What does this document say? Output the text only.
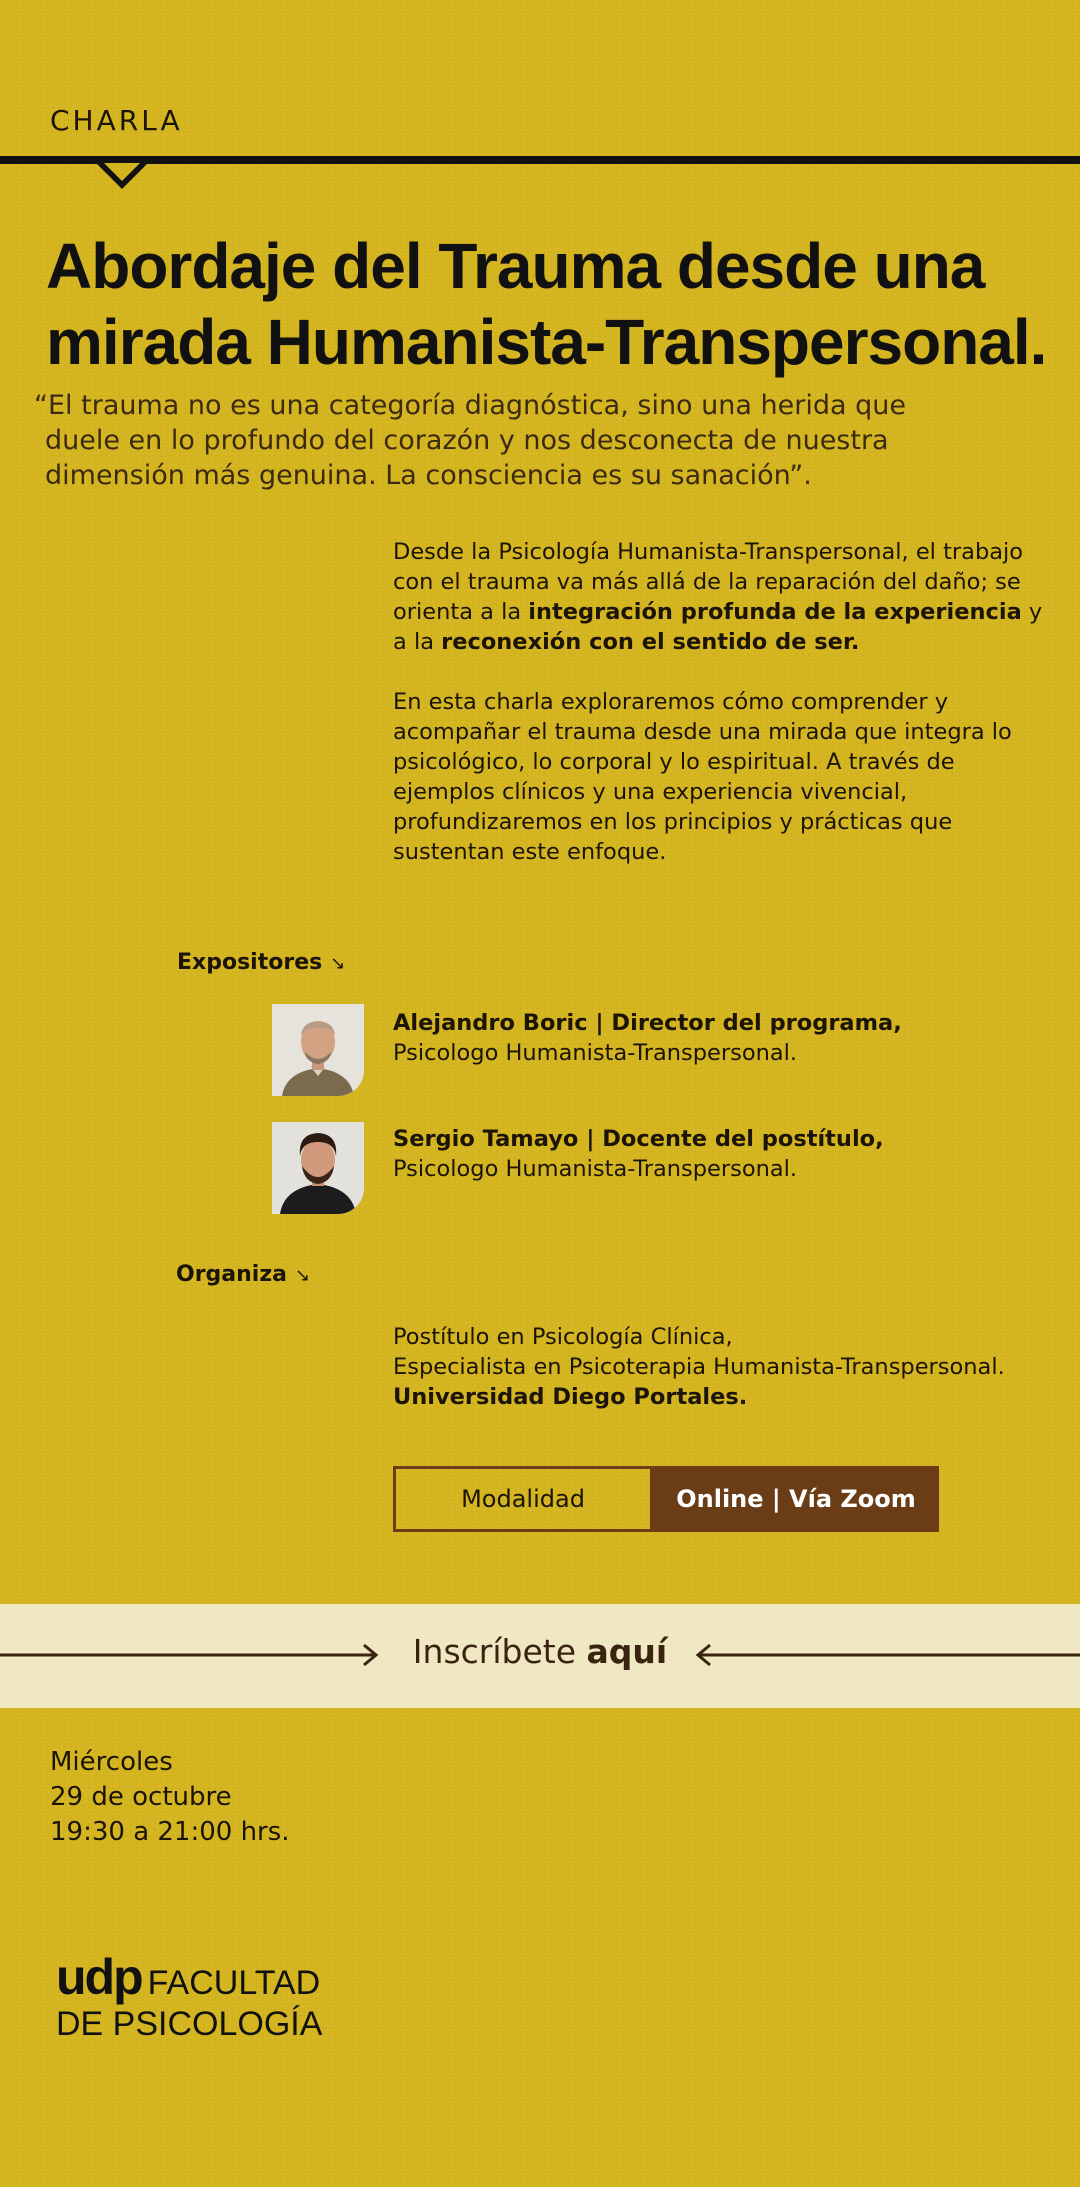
CHARLA
Abordaje del Trauma desde una
mirada Humanista-Transpersonal.

“El trauma no es una categoría diagnóstica, sino una herida que
duele en lo profundo del corazón y nos desconecta de nuestra
dimensión más genuina. La consciencia es su sanación”.

Desde la Psicología Humanista-Transpersonal, el trabajo con el trauma va más allá de la reparación del daño; se orienta a la integración profunda de la experiencia y a la reconexión con el sentido de ser.

En esta charla exploraremos cómo comprender y acompañar el trauma desde una mirada que integra lo psicológico, lo corporal y lo espiritual. A través de ejemplos clínicos y una experiencia vivencial, profundizaremos en los principios y prácticas que sustentan este enfoque.

Expositores ↘
Alejandro Boric | Director del programa,
Psicologo Humanista-Transpersonal.
Sergio Tamayo | Docente del postítulo,
Psicologo Humanista-Transpersonal.
Organiza ↘
Postítulo en Psicología Clínica,
Especialista en Psicoterapia Humanista-Transpersonal.
Universidad Diego Portales.
Modalidad	Online | Vía Zoom
Inscríbete aquí
Miércoles
29 de octubre
19:30 a 21:00 hrs.
udp FACULTAD
DE PSICOLOGÍA
